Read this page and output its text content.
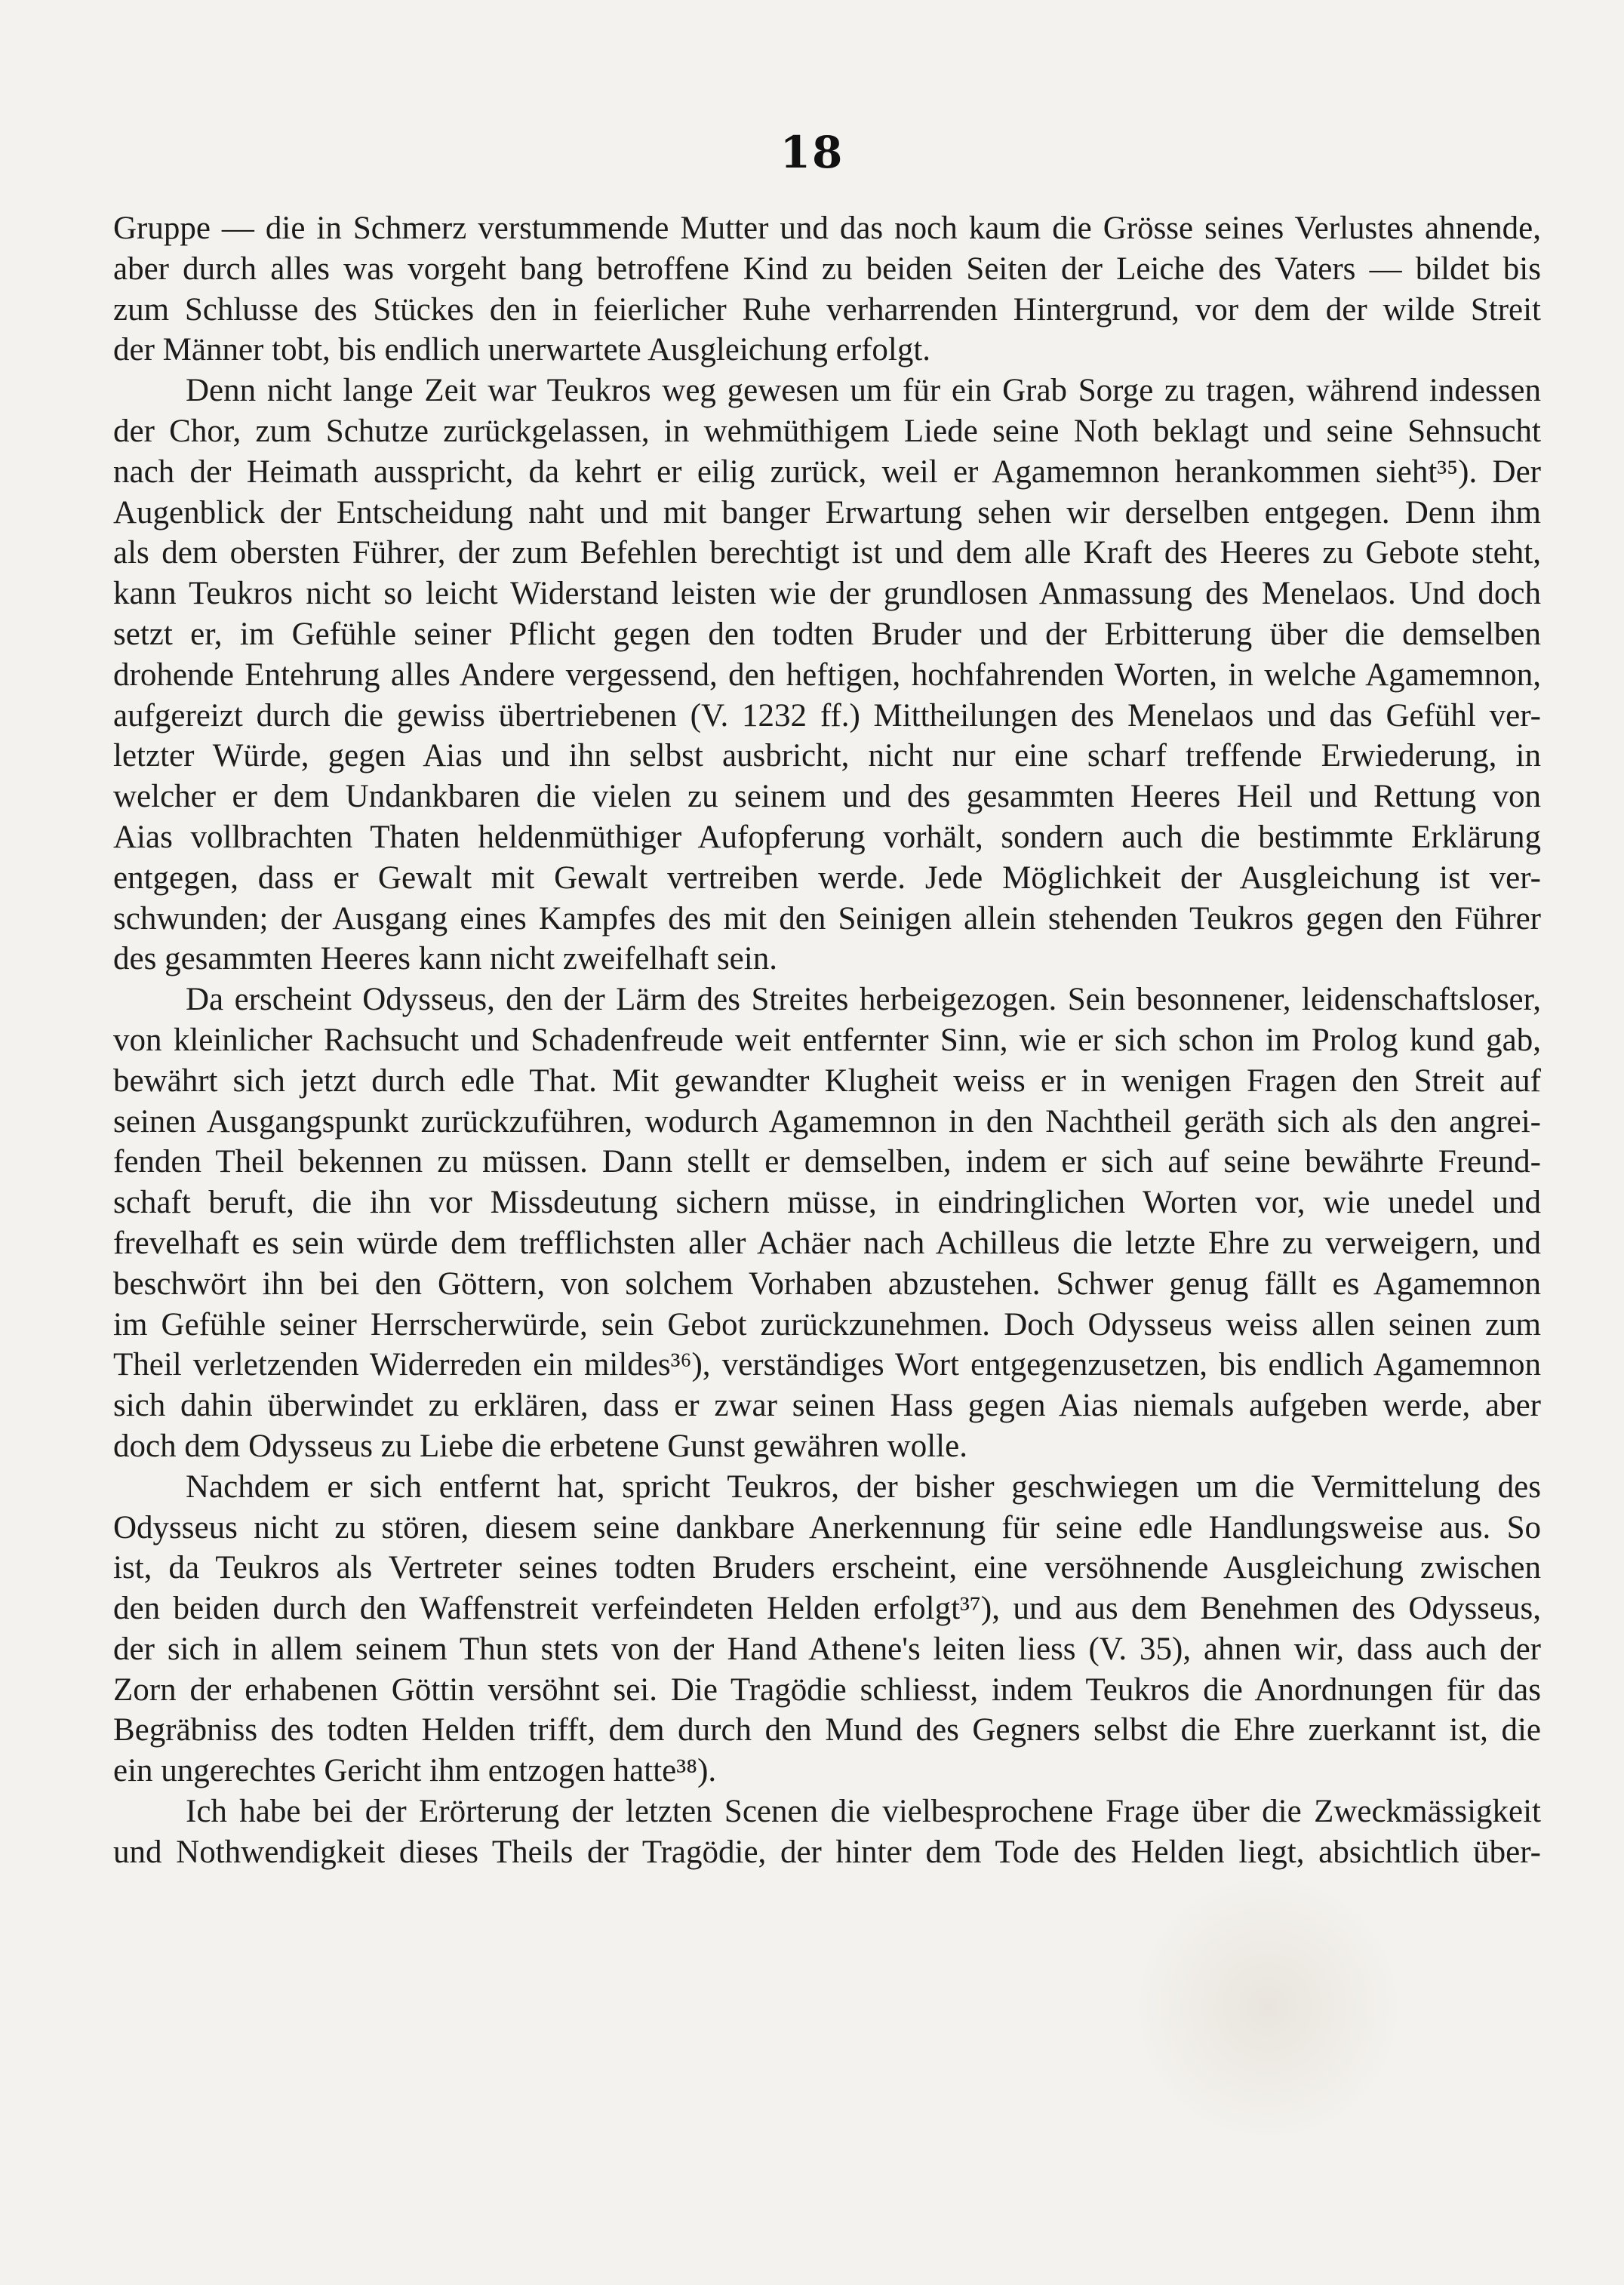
18

Gruppe — die in Schmerz verstummende Mutter und das noch kaum die Grösse seines Verlustes ahnende,
aber durch alles was vorgeht bang betroffene Kind zu beiden Seiten der Leiche des Vaters — bildet bis
zum Schlusse des Stückes den in feierlicher Ruhe verharrenden Hintergrund, vor dem der wilde Streit
der Männer tobt, bis endlich unerwartete Ausgleichung erfolgt.

Denn nicht lange Zeit war Teukros weg gewesen um für ein Grab Sorge zu tragen, während indessen
der Chor, zum Schutze zurückgelassen, in wehmüthigem Liede seine Noth beklagt und seine Sehnsucht
nach der Heimath ausspricht, da kehrt er eilig zurück, weil er Agamemnon herankommen sieht³⁵). Der
Augenblick der Entscheidung naht und mit banger Erwartung sehen wir derselben entgegen. Denn ihm
als dem obersten Führer, der zum Befehlen berechtigt ist und dem alle Kraft des Heeres zu Gebote steht,
kann Teukros nicht so leicht Widerstand leisten wie der grundlosen Anmassung des Menelaos. Und doch
setzt er, im Gefühle seiner Pflicht gegen den todten Bruder und der Erbitterung über die demselben
drohende Entehrung alles Andere vergessend, den heftigen, hochfahrenden Worten, in welche Agamemnon,
aufgereizt durch die gewiss übertriebenen (V. 1232 ff.) Mittheilungen des Menelaos und das Gefühl ver-
letzter Würde, gegen Aias und ihn selbst ausbricht, nicht nur eine scharf treffende Erwiederung, in
welcher er dem Undankbaren die vielen zu seinem und des gesammten Heeres Heil und Rettung von
Aias vollbrachten Thaten heldenmüthiger Aufopferung vorhält, sondern auch die bestimmte Erklärung
entgegen, dass er Gewalt mit Gewalt vertreiben werde. Jede Möglichkeit der Ausgleichung ist ver-
schwunden; der Ausgang eines Kampfes des mit den Seinigen allein stehenden Teukros gegen den Führer
des gesammten Heeres kann nicht zweifelhaft sein.

Da erscheint Odysseus, den der Lärm des Streites herbeigezogen. Sein besonnener, leidenschaftsloser,
von kleinlicher Rachsucht und Schadenfreude weit entfernter Sinn, wie er sich schon im Prolog kund gab,
bewährt sich jetzt durch edle That. Mit gewandter Klugheit weiss er in wenigen Fragen den Streit auf
seinen Ausgangspunkt zurückzuführen, wodurch Agamemnon in den Nachtheil geräth sich als den angrei-
fenden Theil bekennen zu müssen. Dann stellt er demselben, indem er sich auf seine bewährte Freund-
schaft beruft, die ihn vor Missdeutung sichern müsse, in eindringlichen Worten vor, wie unedel und
frevelhaft es sein würde dem trefflichsten aller Achäer nach Achilleus die letzte Ehre zu verweigern, und
beschwört ihn bei den Göttern, von solchem Vorhaben abzustehen. Schwer genug fällt es Agamemnon
im Gefühle seiner Herrscherwürde, sein Gebot zurückzunehmen. Doch Odysseus weiss allen seinen zum
Theil verletzenden Widerreden ein mildes³⁶), verständiges Wort entgegenzusetzen, bis endlich Agamemnon
sich dahin überwindet zu erklären, dass er zwar seinen Hass gegen Aias niemals aufgeben werde, aber
doch dem Odysseus zu Liebe die erbetene Gunst gewähren wolle.

Nachdem er sich entfernt hat, spricht Teukros, der bisher geschwiegen um die Vermittelung des
Odysseus nicht zu stören, diesem seine dankbare Anerkennung für seine edle Handlungsweise aus. So
ist, da Teukros als Vertreter seines todten Bruders erscheint, eine versöhnende Ausgleichung zwischen
den beiden durch den Waffenstreit verfeindeten Helden erfolgt³⁷), und aus dem Benehmen des Odysseus,
der sich in allem seinem Thun stets von der Hand Athene's leiten liess (V. 35), ahnen wir, dass auch der
Zorn der erhabenen Göttin versöhnt sei. Die Tragödie schliesst, indem Teukros die Anordnungen für das
Begräbniss des todten Helden trifft, dem durch den Mund des Gegners selbst die Ehre zuerkannt ist, die
ein ungerechtes Gericht ihm entzogen hatte³⁸).

Ich habe bei der Erörterung der letzten Scenen die vielbesprochene Frage über die Zweckmässigkeit
und Nothwendigkeit dieses Theils der Tragödie, der hinter dem Tode des Helden liegt, absichtlich über-
